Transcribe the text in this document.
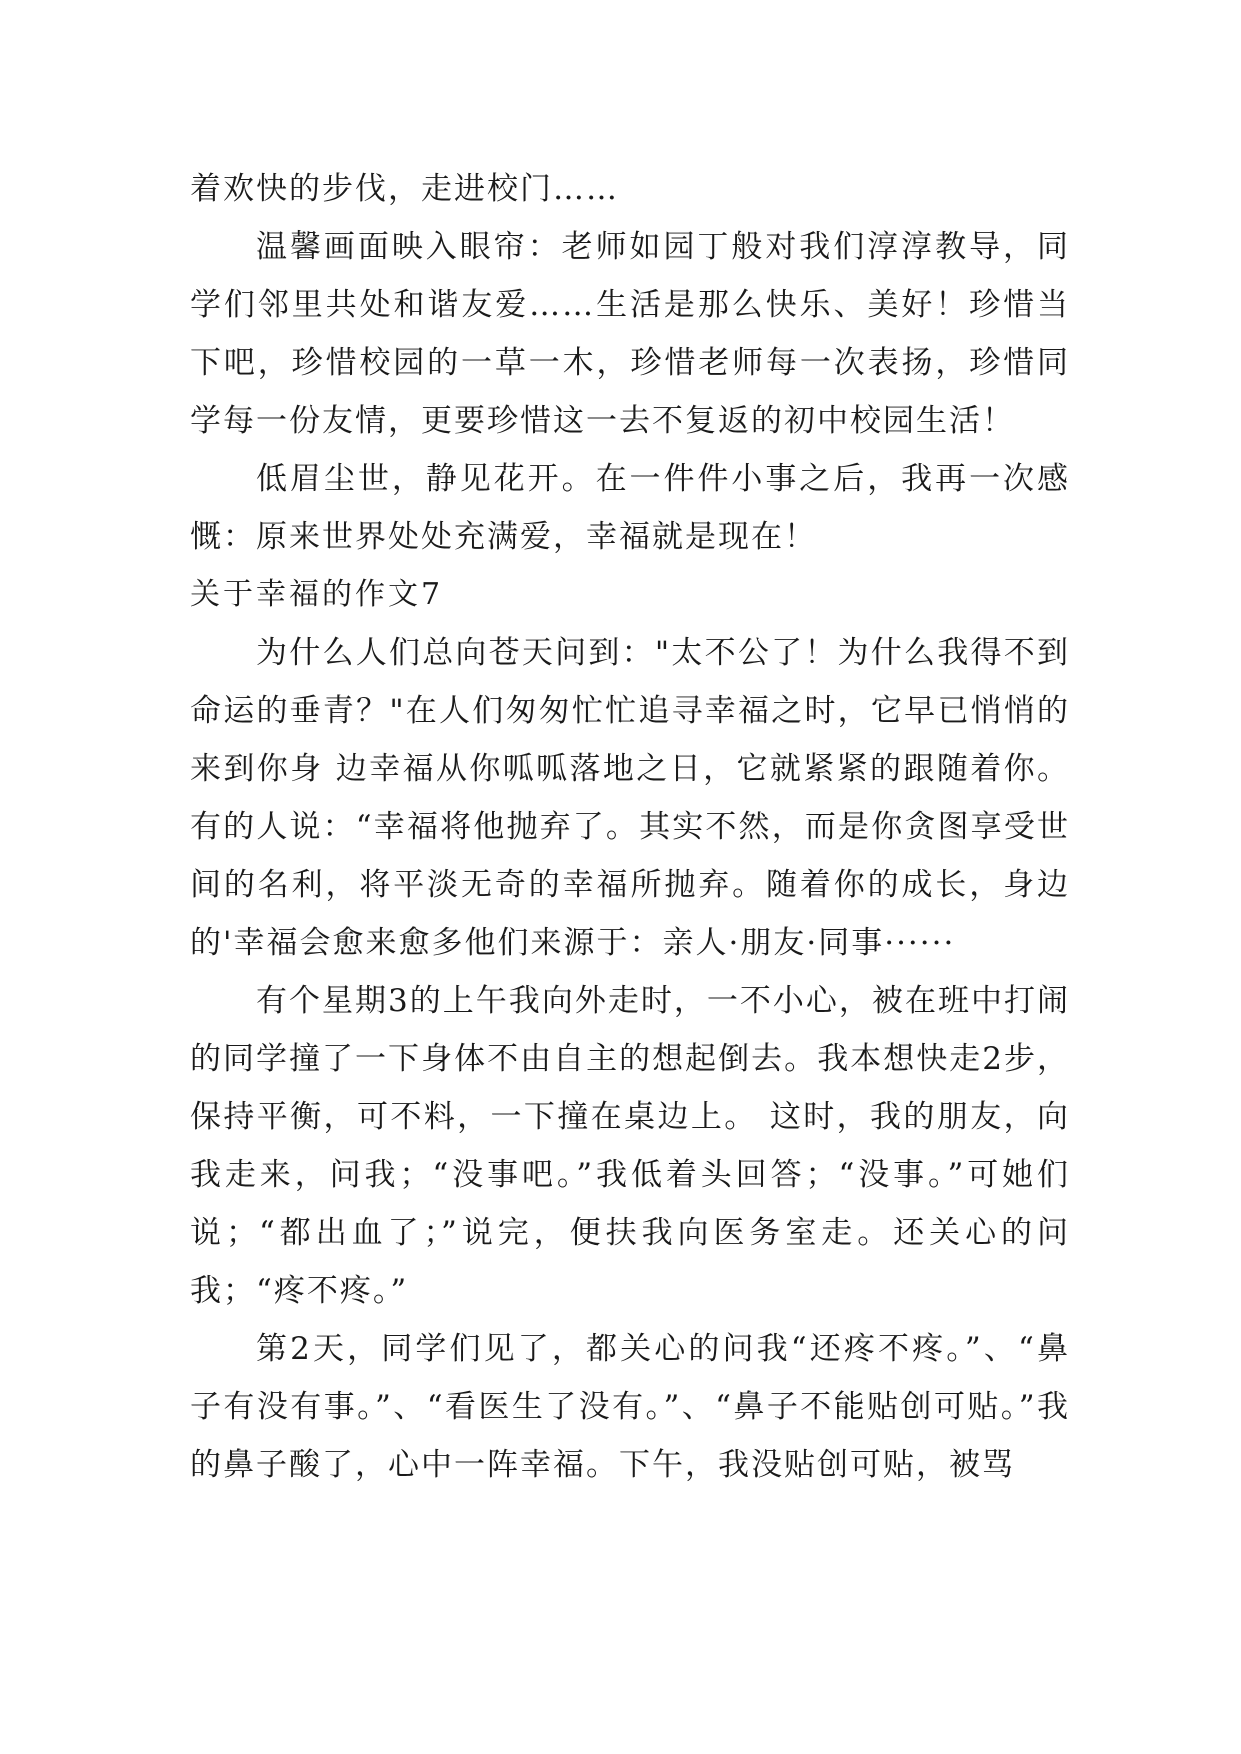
着欢快的步伐，走进校门……

温馨画面映入眼帘：老师如园丁般对我们淳淳教导，同学们邻里共处和谐友爱……生活是那么快乐、美好！珍惜当下吧，珍惜校园的一草一木，珍惜老师每一次表扬，珍惜同学每一份友情，更要珍惜这一去不复返的初中校园生活！

低眉尘世，静见花开。在一件件小事之后，我再一次感慨：原来世界处处充满爱，幸福就是现在！

关于幸福的作文7

为什么人们总向苍天问到："太不公了！为什么我得不到命运的垂青？"在人们匆匆忙忙追寻幸福之时，它早已悄悄的来到你身 边幸福从你呱呱落地之日，它就紧紧的跟随着你。有的人说：“幸福将他抛弃了。其实不然，而是你贪图享受世间的名利，将平淡无奇的幸福所抛弃。随着你的成长，身边的'幸福会愈来愈多他们来源于：亲人·朋友·同事······

有个星期3的上午我向外走时，一不小心，被在班中打闹的同学撞了一下身体不由自主的想起倒去。我本想快走2步，保持平衡，可不料，一下撞在桌边上。 这时，我的朋友，向我走来，问我；“没事吧。”我低着头回答；“没事。”可她们说；“都出血了；”说完，便扶我向医务室走。还关心的问我；“疼不疼。”

第2天，同学们见了，都关心的问我“还疼不疼。”、“鼻子有没有事。”、“看医生了没有。”、“鼻子不能贴创可贴。”我的鼻子酸了，心中一阵幸福。下午，我没贴创可贴，被骂
